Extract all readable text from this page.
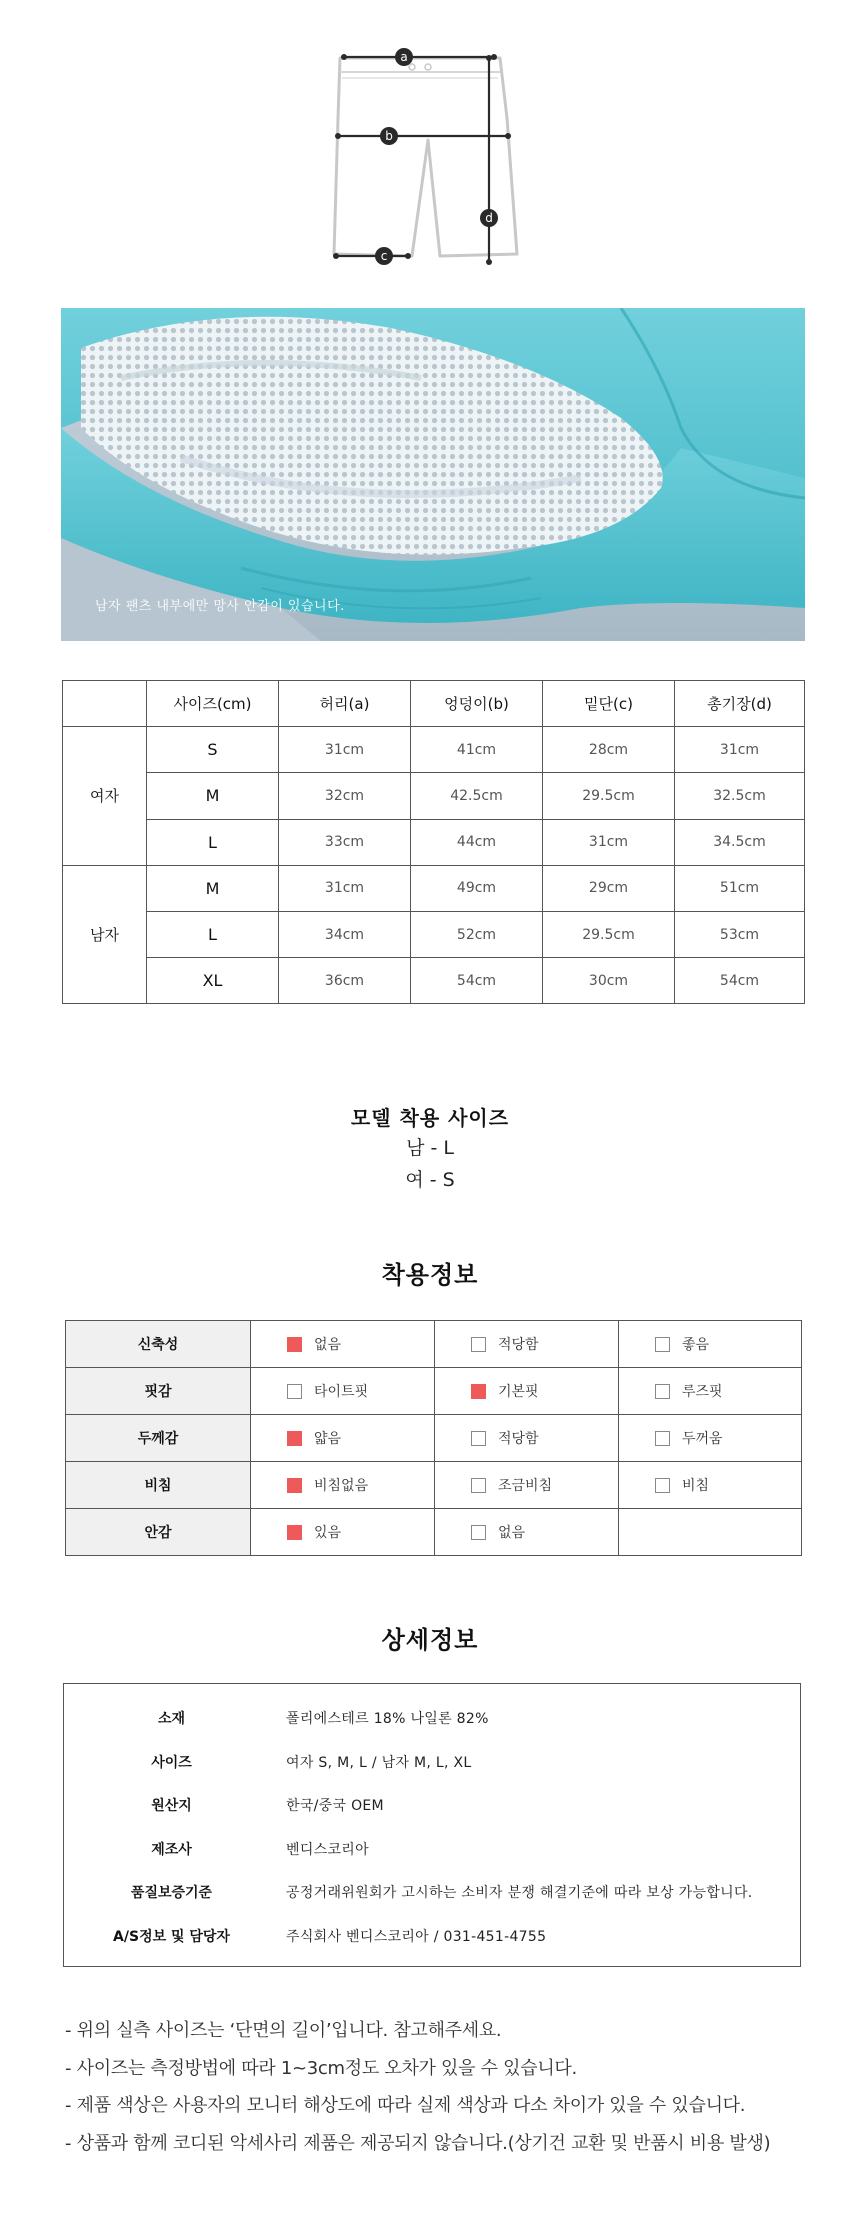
a
b
c
d
남자 팬츠 내부에만 망사 안감이 있습니다.
	사이즈(cm)	허리(a)	엉덩이(b)	밑단(c)	총기장(d)
여자	S	31cm	41cm	28cm	31cm
	M	32cm	42.5cm	29.5cm	32.5cm
	L	33cm	44cm	31cm	34.5cm
남자	M	31cm	49cm	29cm	51cm
	L	34cm	52cm	29.5cm	53cm
	XL	36cm	54cm	30cm	54cm
모델 착용 사이즈
남 - L
여 - S
착용정보
신축성	없음	적당함	좋음
핏감	타이트핏	기본핏	루즈핏
두께감	얇음	적당함	두꺼움
비침	비침없음	조금비침	비침
안감	있음	없음	
상세정보
소재	폴리에스테르 18% 나일론 82%
사이즈	여자 S, M, L / 남자 M, L, XL
원산지	한국/중국 OEM
제조사	벤디스코리아
품질보증기준	공정거래위원회가 고시하는 소비자 분쟁 해결기준에 따라 보상 가능합니다.
A/S정보 및 담당자	주식회사 벤디스코리아 / 031-451-4755
- 위의 실측 사이즈는 ‘단면의 길이’입니다. 참고해주세요.
- 사이즈는 측정방법에 따라 1~3cm정도 오차가 있을 수 있습니다.
- 제품 색상은 사용자의 모니터 해상도에 따라 실제 색상과 다소 차이가 있을 수 있습니다.
- 상품과 함께 코디된 악세사리 제품은 제공되지 않습니다.(상기건 교환 및 반품시 비용 발생)
